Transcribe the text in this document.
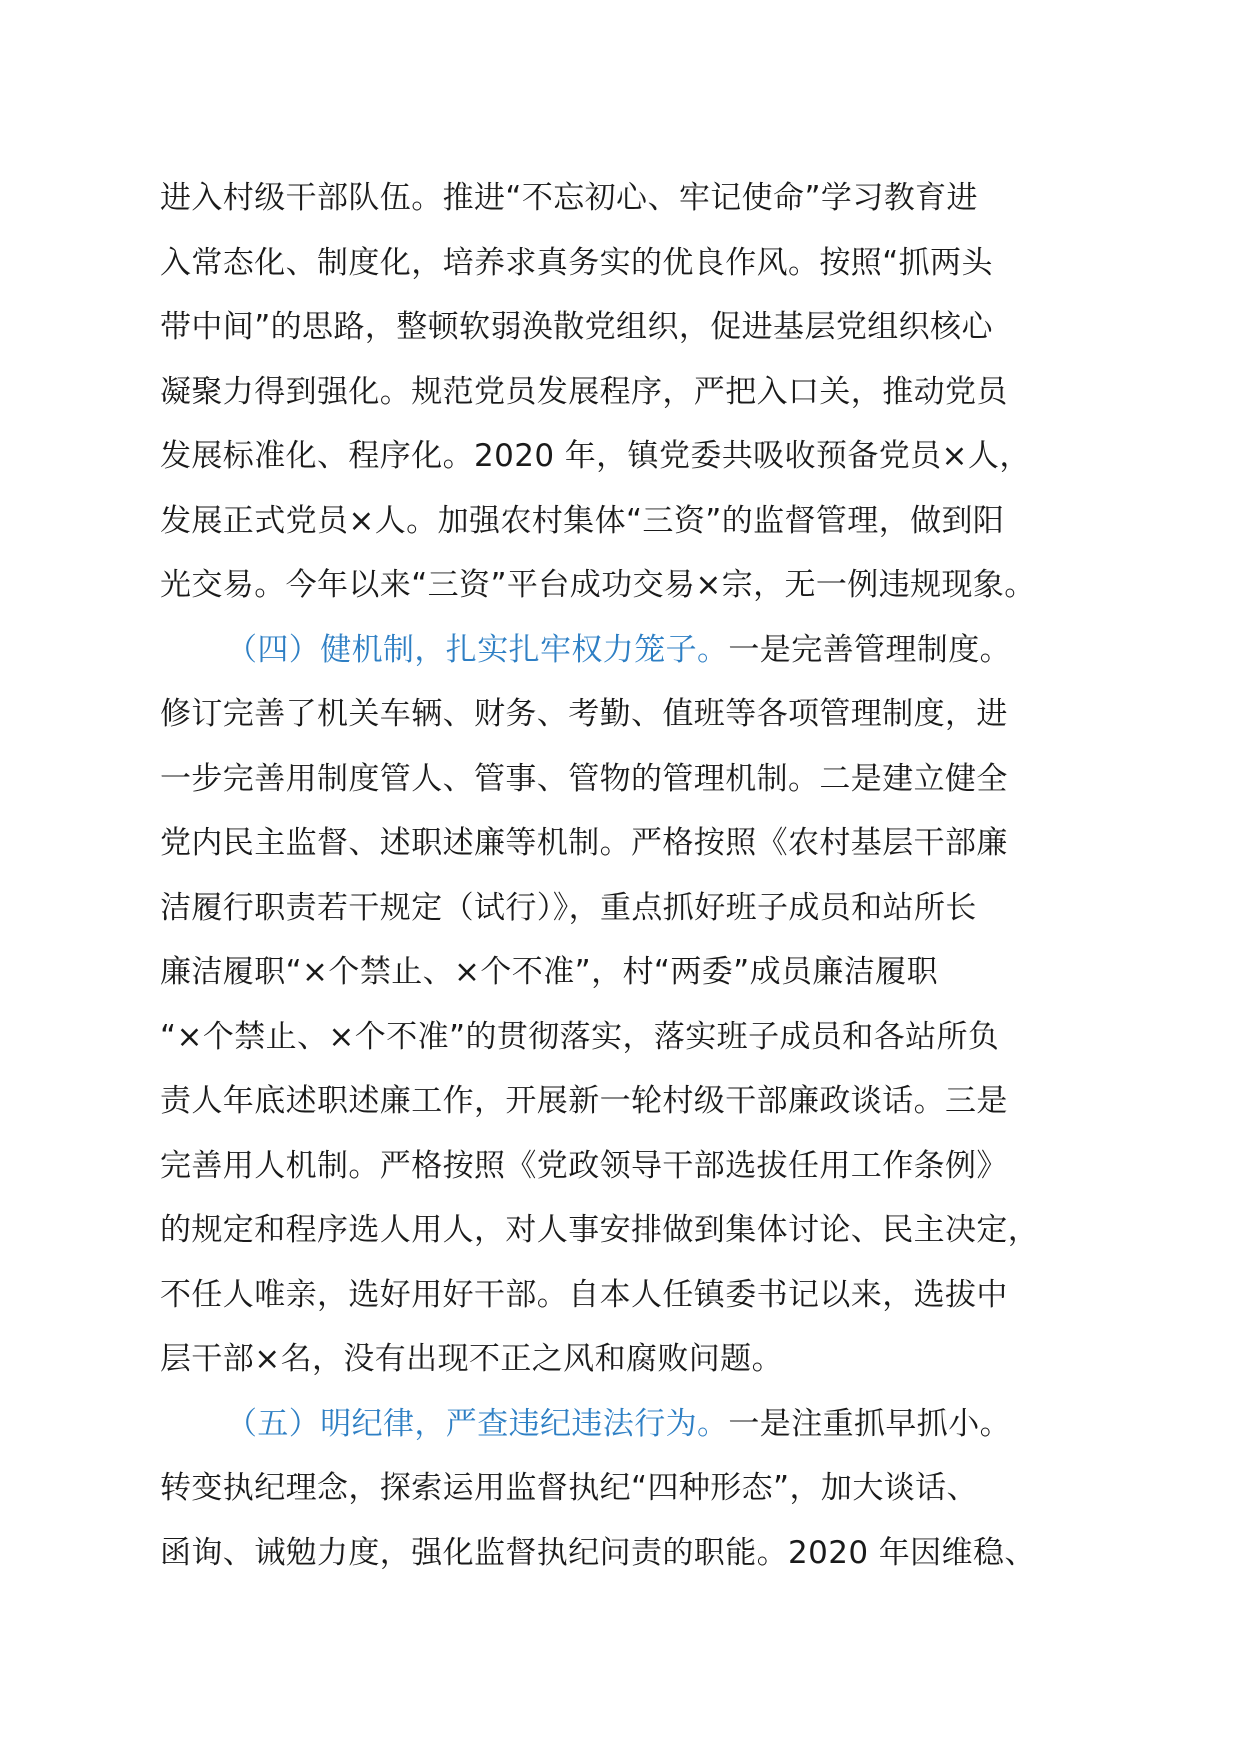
进入村级干部队伍。推进“不忘初心、牢记使命”学习教育进
入常态化、制度化，培养求真务实的优良作风。按照“抓两头
带中间”的思路，整顿软弱涣散党组织，促进基层党组织核心
凝聚力得到强化。规范党员发展程序，严把入口关，推动党员
发展标准化、程序化。2020 年，镇党委共吸收预备党员×人，
发展正式党员×人。加强农村集体“三资”的监督管理，做到阳
光交易。今年以来“三资”平台成功交易×宗，无一例违规现象。
（四）健机制，扎实扎牢权力笼子。一是完善管理制度。
修订完善了机关车辆、财务、考勤、值班等各项管理制度，进
一步完善用制度管人、管事、管物的管理机制。二是建立健全
党内民主监督、述职述廉等机制。严格按照《农村基层干部廉
洁履行职责若干规定（试行）》，重点抓好班子成员和站所长
廉洁履职“×个禁止、×个不准”，村“两委”成员廉洁履职
“×个禁止、×个不准”的贯彻落实，落实班子成员和各站所负
责人年底述职述廉工作，开展新一轮村级干部廉政谈话。三是
完善用人机制。严格按照《党政领导干部选拔任用工作条例》
的规定和程序选人用人，对人事安排做到集体讨论、民主决定，
不任人唯亲，选好用好干部。自本人任镇委书记以来，选拔中
层干部×名，没有出现不正之风和腐败问题。
（五）明纪律，严查违纪违法行为。一是注重抓早抓小。
转变执纪理念，探索运用监督执纪“四种形态”，加大谈话、
函询、诫勉力度，强化监督执纪问责的职能。2020 年因维稳、
